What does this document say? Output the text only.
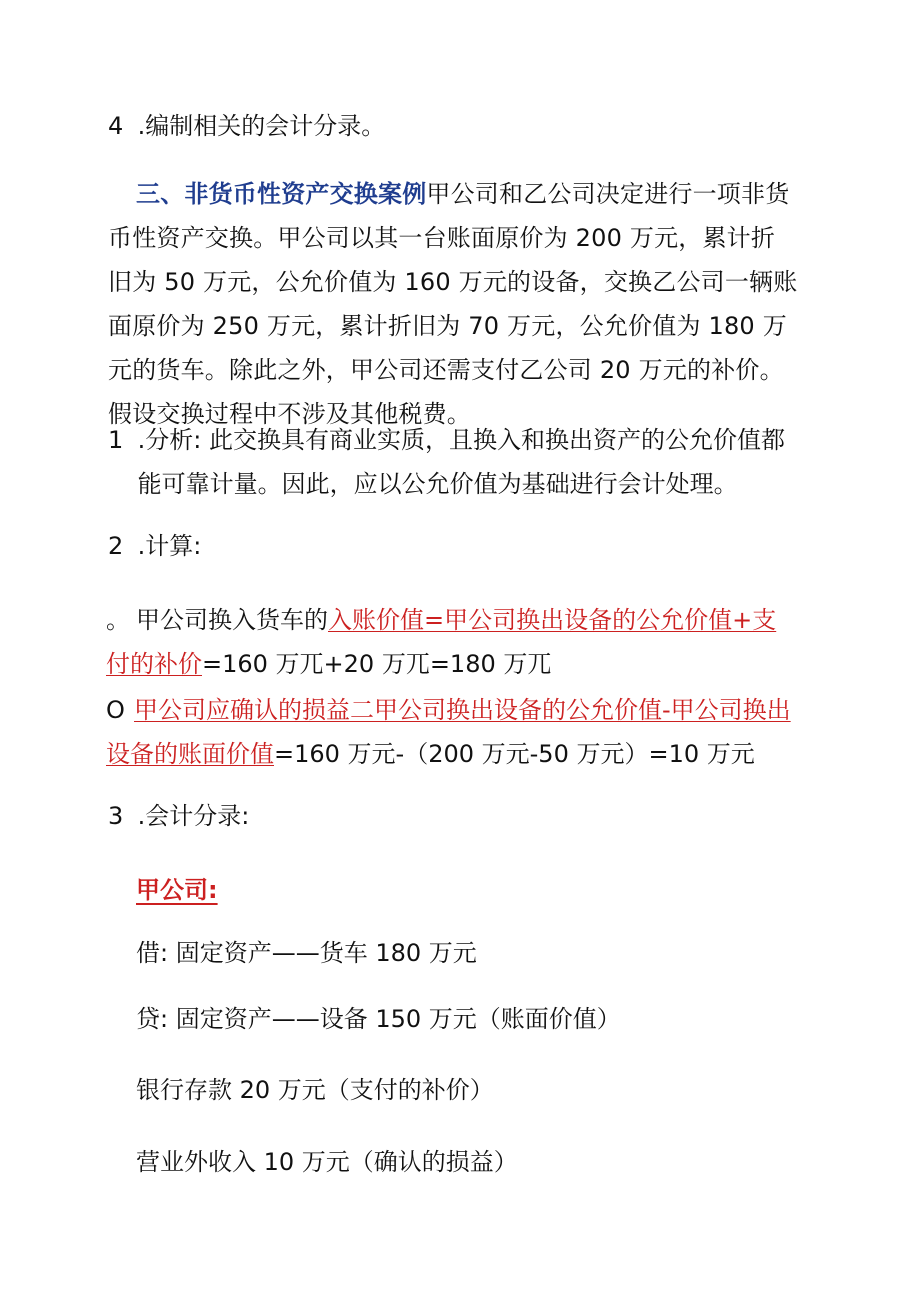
4 .编制相关的会计分录。

三、非货币性资产交换案例甲公司和乙公司决定进行一项非货币性资产交换。甲公司以其一台账面原价为 200 万元，累计折旧为 50 万元，公允价值为 160 万元的设备，交换乙公司一辆账面原价为 250 万元，累计折旧为 70 万元，公允价值为 180 万元的货车。除此之外，甲公司还需支付乙公司 20 万元的补价。假设交换过程中不涉及其他税费。

1 .分析: 此交换具有商业实质，且换入和换出资产的公允价值都能可靠计量。因此，应以公允价值为基础进行会计处理。

2 .计算:

。 甲公司换入货车的入账价值=甲公司换出设备的公允价值+支付的补价=160 万兀+20 万兀=180 万兀

O 甲公司应确认的损益二甲公司换出设备的公允价值-甲公司换出设备的账面价值=160 万元-（200 万元-50 万元）=10 万元

3 .会计分录:

甲公司:

借: 固定资产——货车 180 万元

贷: 固定资产——设备 150 万元（账面价值）

银行存款 20 万元（支付的补价）

营业外收入 10 万元（确认的损益）
